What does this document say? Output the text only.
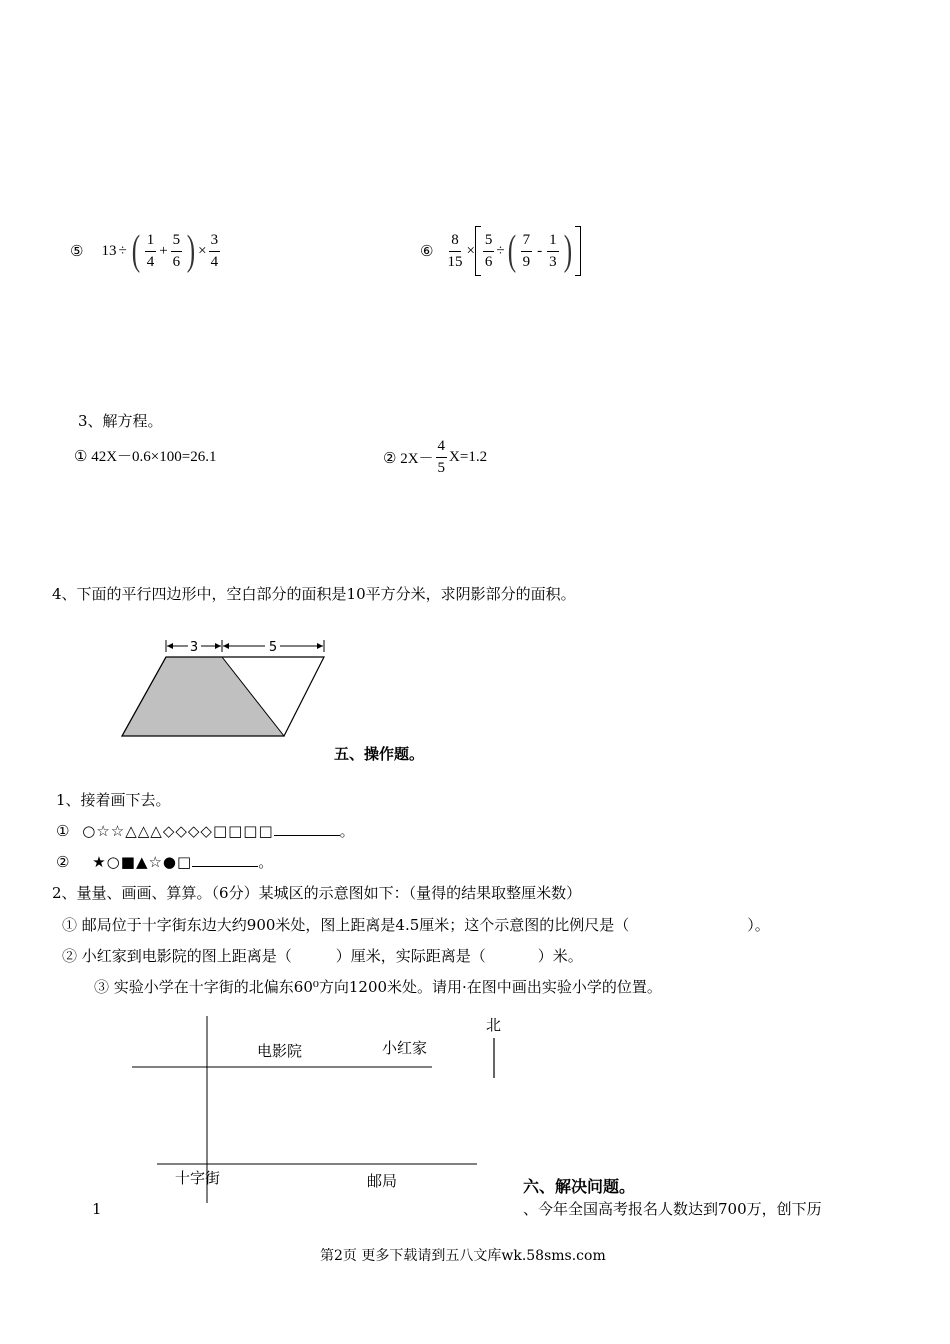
⑤ 13 ÷ ( $\frac{1}{4} + \frac{5}{6}$ ) × $\frac{3}{4}$	⑥ $\frac{8}{15} \times \frac{5}{6}$ ÷ ( $\frac{7}{9} - \frac{1}{3}$ )
3、解方程。
① 42X－0.6×100=26.1	② $2X- \frac{4}{5} X=1.2$
4、下面的平行四边形中，空白部分的面积是10平方分米，求阴影部分的面积。
3	5
五、操作题。
1、接着画下去。
① ○☆☆△△△◇◇◇◇□□□□	。
② ★○■▲☆●□	。
2、量量、画画、算算。（6分）某城区的示意图如下：（量得的结果取整厘米数）
① 邮局位于十字街东边大约900米处，图上距离是4.5厘米；这个示意图的比例尺是（	）。
② 小红家到电影院的图上距离是（	）厘米，实际距离是（	）米。
③ 实验小学在十字街的北偏东60⁰方向1200米处。请用·在图中画出实验小学的位置。
北
电影院	小红家
十字街	邮局	六、解决问题。
、今年全国高考报名人数达到700万，创下历
1
第2页 更多下载请到五八文库wk.58sms.com
